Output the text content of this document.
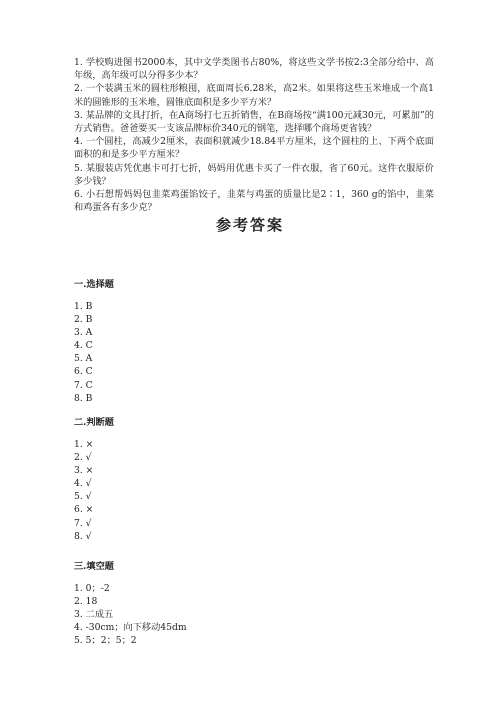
1. 学校购进图书2000本，其中文学类图书占80%，将这些文学书按2:3全部分给中、高年级，高年级可以分得多少本？

2. 一个装满玉米的圆柱形粮囤，底面周长6.28米，高2米。如果将这些玉米堆成一个高1米的圆锥形的玉米堆，圆锥底面积是多少平方米？

3. 某品牌的文具打折，在A商场打七五折销售，在B商场按“满100元减30元，可累加”的方式销售。爸爸要买一支该品牌标价340元的钢笔，选择哪个商场更省钱？

4. 一个圆柱，高减少2厘米，表面积就减少18.84平方厘米，这个圆柱的上、下两个底面面积的和是多少平方厘米？

5. 某服装店凭优惠卡可打七折，妈妈用优惠卡买了一件衣服，省了60元。这件衣服原价多少钱？

6. 小石想帮妈妈包韭菜鸡蛋馅饺子，韭菜与鸡蛋的质量比是2∶1，360 g的馅中，韭菜和鸡蛋各有多少克？

参考答案
一.选择题
1. B
2. B
3. A
4. C
5. A
6. C
7. C
8. B
二.判断题
1. ×
2. √
3. ×
4. √
5. √
6. ×
7. √
8. √
三.填空题
1. 0；-2
2. 18
3. 二成五
4. -30cm；向下移动45dm
5. 5；2；5；2
